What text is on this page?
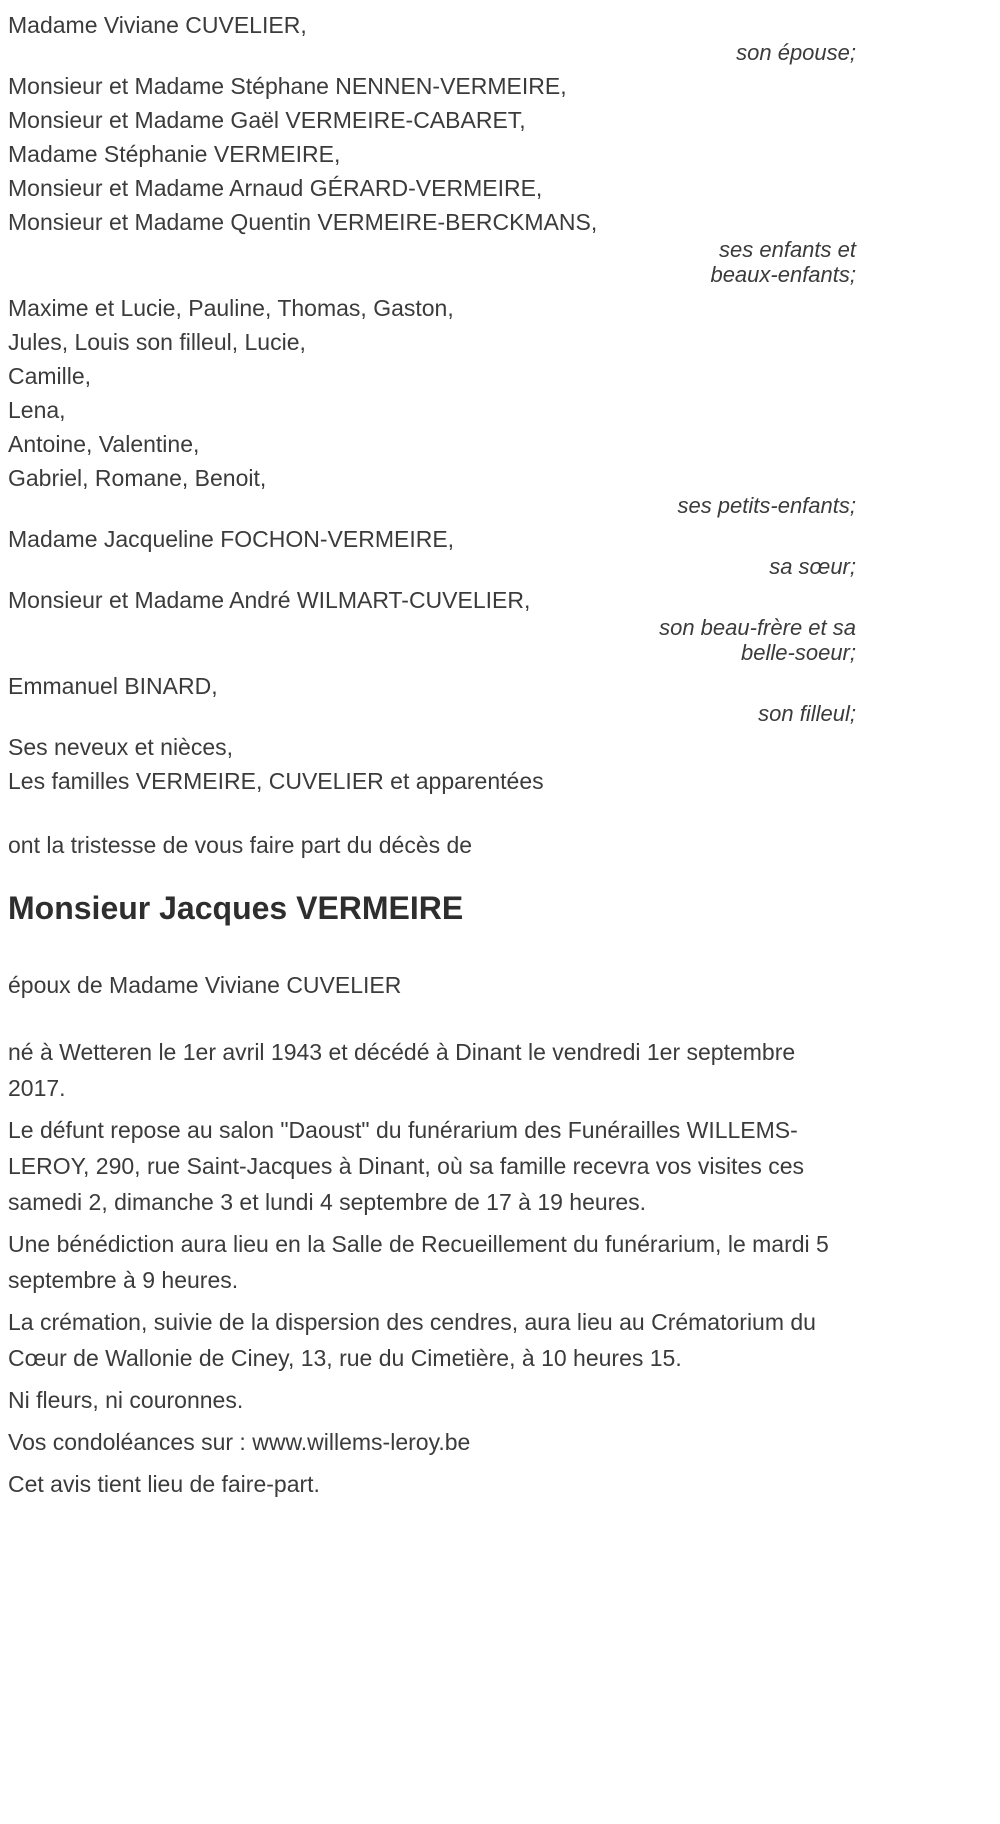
Madame Viviane CUVELIER,
son épouse;
Monsieur et Madame Stéphane NENNEN-VERMEIRE,
Monsieur et Madame Gaël VERMEIRE-CABARET,
Madame Stéphanie VERMEIRE,
Monsieur et Madame Arnaud GÉRARD-VERMEIRE,
Monsieur et Madame Quentin VERMEIRE-BERCKMANS,
ses enfants et
beaux-enfants;
Maxime et Lucie, Pauline, Thomas, Gaston,
Jules, Louis son filleul, Lucie,
Camille,
Lena,
Antoine, Valentine,
Gabriel, Romane, Benoit,
ses petits-enfants;
Madame Jacqueline FOCHON-VERMEIRE,
sa sœur;
Monsieur et Madame André WILMART-CUVELIER,
son beau-frère et sa
belle-soeur;
Emmanuel BINARD,
son filleul;
Ses neveux et nièces,
Les familles VERMEIRE, CUVELIER et apparentées
ont la tristesse de vous faire part du décès de
Monsieur Jacques VERMEIRE
époux de Madame Viviane CUVELIER

né à Wetteren le 1er avril 1943 et décédé à Dinant le vendredi 1er septembre 2017.

Le défunt repose au salon "Daoust" du funérarium des Funérailles WILLEMS-LEROY, 290, rue Saint-Jacques à Dinant, où sa famille recevra vos visites ces samedi 2, dimanche 3 et lundi 4 septembre de 17 à 19 heures.

Une bénédiction aura lieu en la Salle de Recueillement du funérarium, le mardi 5 septembre à 9 heures.

La crémation, suivie de la dispersion des cendres, aura lieu au Crématorium du Cœur de Wallonie de Ciney, 13, rue du Cimetière, à 10 heures 15.

Ni fleurs, ni couronnes.

Vos condoléances sur : www.willems-leroy.be

Cet avis tient lieu de faire-part.
